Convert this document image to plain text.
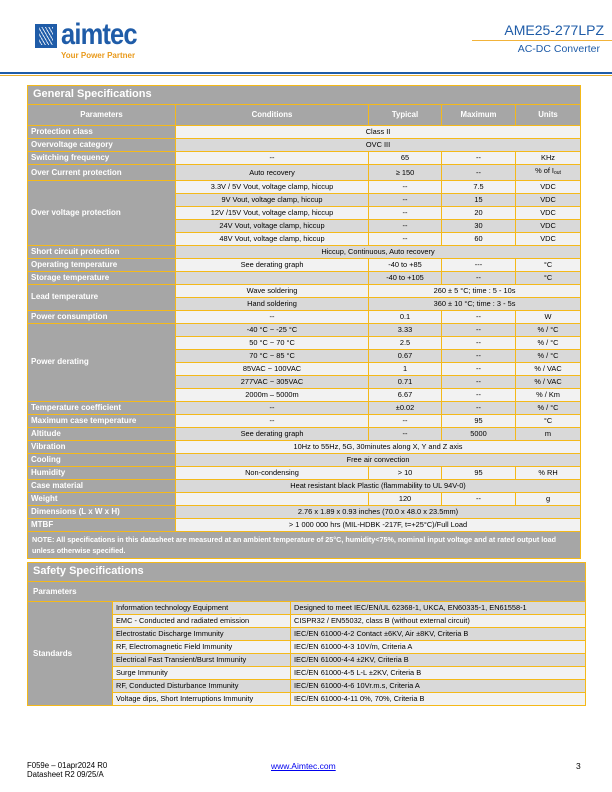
aimtec
Your Power Partner
AME25-277LPZ
AC-DC Converter
General Specifications				
Parameters	Conditions	Typical	Maximum	Units
Protection class	Class II			
Overvoltage category	OVC III			
Switching frequency	--	65	--	KHz
Over Current protection	Auto recovery	≥ 150	--	% of $I_{out}$
Over voltage protection	3.3V / 5V Vout, voltage clamp, hiccup	--	7.5	VDC
	9V Vout, voltage clamp, hiccup	--	15	VDC
	12V /15V Vout, voltage clamp, hiccup	--	20	VDC
	24V Vout, voltage clamp, hiccup	--	30	VDC
	48V Vout, voltage clamp, hiccup	--	60	VDC
Short circuit protection	Hiccup, Continuous, Auto recovery			
Operating temperature	See derating graph	-40 to +85	---	°C
Storage temperature		-40 to +105	--	°C
Lead temperature	Wave soldering	260 ± 5 °C; time : 5 - 10s		
	Hand soldering	360 ± 10 °C; time : 3 - 5s		
Power consumption	--	0.1	--	W
Power derating	-40 °C ~ -25 °C	3.33	--	% / °C
	50 °C ~ 70 °C	2.5	--	% / °C
	70 °C ~ 85 °C	0.67	--	% / °C
	85VAC ~ 100VAC	1	--	% / VAC
	277VAC ~ 305VAC	0.71	--	% / VAC
	2000m – 5000m	6.67	--	% / Km
Temperature coefficient	--	±0.02	--	% / °C
Maximum case temperature	--	--	95	°C
Altitude	See derating graph	--	5000	m
Vibration	10Hz to 55Hz, 5G, 30minutes along X, Y and Z axis			
Cooling	Free air convection			
Humidity	Non-condensing	> 10	95	% RH
Case material	Heat resistant black Plastic (flammability to UL 94V-0)			
Weight		120	--	g
Dimensions (L x W x H)	2.76 x 1.89 x 0.93 inches (70.0 x 48.0 x 23.5mm)			
MTBF	> 1 000 000 hrs (MIL-HDBK -217F, t=+25°C)/Full Load			
NOTE: All specifications in this datasheet are measured at an ambient temperature of 25°C, humidity<75%, nominal input voltage and at rated output load unless otherwise specified.				
Safety Specifications		
Parameters		
Standards	Information technology Equipment	Designed to meet IEC/EN/UL 62368-1, UKCA, EN60335-1, EN61558-1
	EMC - Conducted and radiated emission	CISPR32 / EN55032, class B (without external circuit)
	Electrostatic Discharge Immunity	IEC/EN 61000-4-2 Contact ±6KV, Air ±8KV, Criteria B
	RF, Electromagnetic Field Immunity	IEC/EN 61000-4-3 10V/m, Criteria A
	Electrical Fast Transient/Burst Immunity	IEC/EN 61000-4-4 ±2KV, Criteria B
	Surge Immunity	IEC/EN 61000-4-5 L-L ±2KV, Criteria B
	RF, Conducted Disturbance Immunity	IEC/EN 61000-4-6 10Vr.m.s, Criteria A
	Voltage dips, Short Interruptions Immunity	IEC/EN 61000-4-11 0%, 70%, Criteria B
F059e – 01apr2024 R0
Datasheet R2 09/25/A
www.Aimtec.com	3
